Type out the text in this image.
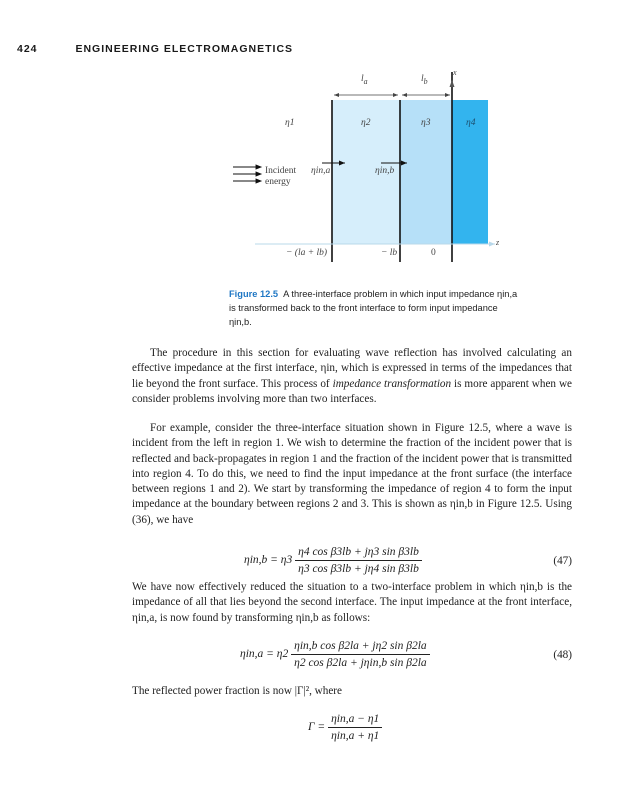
424	ENGINEERING ELECTROMAGNETICS
$l_a$	$l_b$
x
z
η1	η2	η3	η4
Incident
energy
ηin,a	ηin,b
− (la + lb)	− lb	0
Figure 12.5 A three-interface problem in which input impedance ηin,a is transformed back to the front interface to form input impedance ηin,b.
The procedure in this section for evaluating wave reflection has involved calculating an effective impedance at the first interface, ηin, which is expressed in terms of the impedances that lie beyond the front surface. This process of impedance transformation is more apparent when we consider problems involving more than two interfaces.
For example, consider the three-interface situation shown in Figure 12.5, where a wave is incident from the left in region 1. We wish to determine the fraction of the incident power that is reflected and back-propagates in region 1 and the fraction of the incident power that is transmitted into region 4. To do this, we need to find the input impedance at the front surface (the interface between regions 1 and 2). We start by transforming the impedance of region 4 to form the input impedance at the boundary between regions 2 and 3. This is shown as ηin,b in Figure 12.5. Using (36), we have
$\eta in,b = \eta 3 \frac{\text{η4 cos β3lb + jη3 sin β3lb}}{\text{η3 cos β3lb + jη4 sin β3lb}}$	(47)
We have now effectively reduced the situation to a two-interface problem in which ηin,b is the impedance of all that lies beyond the second interface. The input impedance at the front interface, ηin,a, is now found by transforming ηin,b as follows:
$\eta in,a = \eta 2 \frac{\text{ηin,b cos β2la + jη2 sin β2la}}{\text{η2 cos β2la + jηin,b sin β2la}}$	(48)
The reflected power fraction is now |Γ|², where
$\Gamma = \frac{\text{ηin,a − η1}}{\text{ηin,a + η1}}$
